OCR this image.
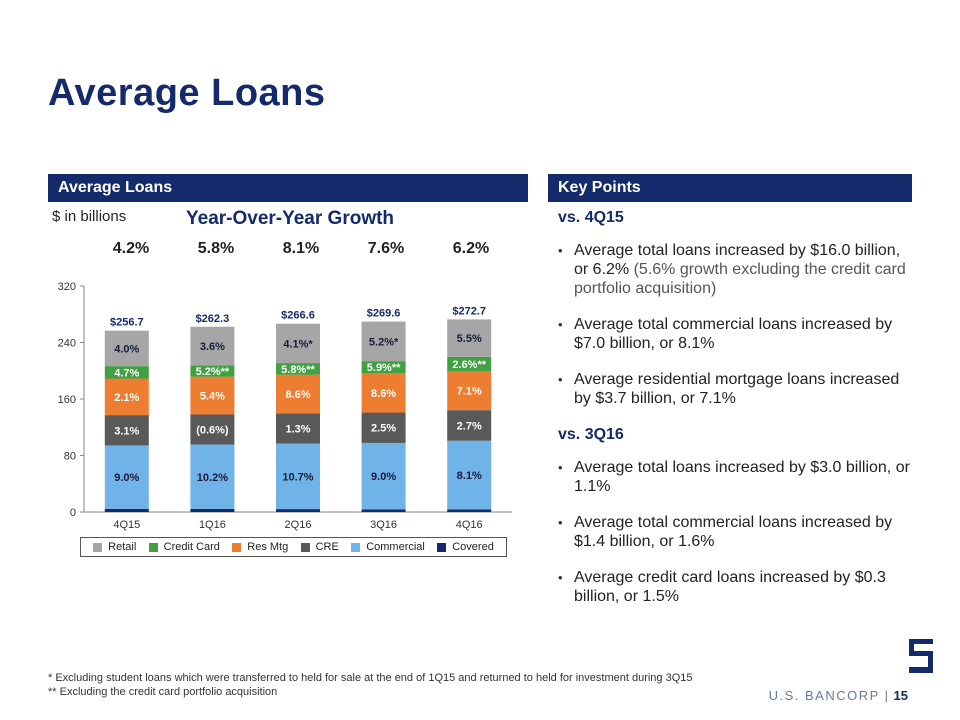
Average Loans
Average Loans	Key Points
$ in billions	Year-Over-Year Growth
4.2%	5.8%	8.1%	7.6%	6.2%
0
80
160
240
320
9.0%
3.1%
2.1%
4.7%
4.0%
$256.7
4Q15
10.2%
(0.6%)
5.4%
5.2%**
3.6%
$262.3
1Q16
10.7%
1.3%
8.6%
5.8%**
4.1%*
$266.6
2Q16
9.0%
2.5%
8.6%
5.9%**
5.2%*
$269.6
3Q16
8.1%
2.7%
7.1%
2.6%**
5.5%
$272.7
4Q16
Retail Credit Card Res Mtg CRE Commercial Covered
vs. 4Q15
• Average total loans increased by $16.0 billion, or 6.2% (5.6% growth excluding the credit card portfolio acquisition)
• Average total commercial loans increased by $7.0 billion, or 8.1%
• Average residential mortgage loans increased by $3.7 billion, or 7.1%
vs. 3Q16
• Average total loans increased by $3.0 billion, or 1.1%
• Average total commercial loans increased by $1.4 billion, or 1.6%
• Average credit card loans increased by $0.3 billion, or 1.5%
* Excluding student loans which were transferred to held for sale at the end of 1Q15 and returned to held for investment during 3Q15
** Excluding the credit card portfolio acquisition	U.S. BANCORP | 15
